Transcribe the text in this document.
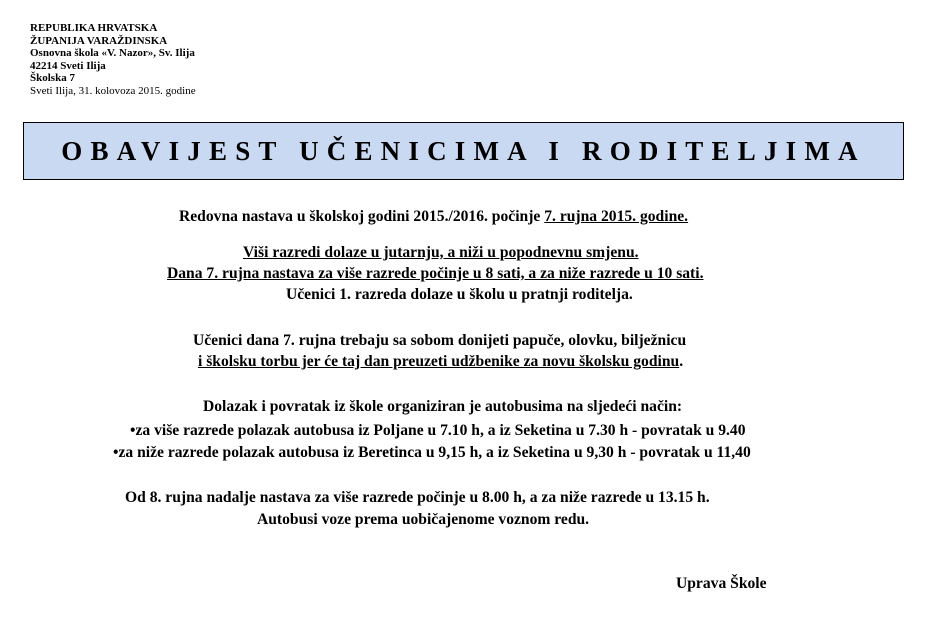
REPUBLIKA HRVATSKA
ŽUPANIJA VARAŽDINSKA
Osnovna škola «V. Nazor», Sv. Ilija
42214 Sveti Ilija
Školska 7
Sveti Ilija, 31. kolovoza 2015. godine
OBAVIJEST UČENICIMA I RODITELJIMA
Redovna nastava u školskoj godini 2015./2016. počinje 7. rujna 2015. godine.
Viši razredi dolaze u jutarnju, a niži u popodnevnu smjenu.
Dana 7. rujna nastava za više razrede počinje u 8 sati, a za niže razrede u 10 sati.
Učenici 1. razreda dolaze u školu u pratnji roditelja.
Učenici dana 7. rujna trebaju sa sobom donijeti papuče, olovku, bilježnicu
i školsku torbu jer će taj dan preuzeti udžbenike za novu školsku godinu.
Dolazak i povratak iz škole organiziran je autobusima na sljedeći način:
•za više razrede polazak autobusa iz Poljane u 7.10 h, a iz Seketina u 7.30 h - povratak u 9.40
•za niže razrede polazak autobusa iz Beretinca u 9,15 h, a iz Seketina u 9,30 h - povratak u 11,40
Od 8. rujna nadalje nastava za više razrede počinje u 8.00 h, a za niže razrede u 13.15 h.
Autobusi voze prema uobičajenome voznom redu.
Uprava Škole
